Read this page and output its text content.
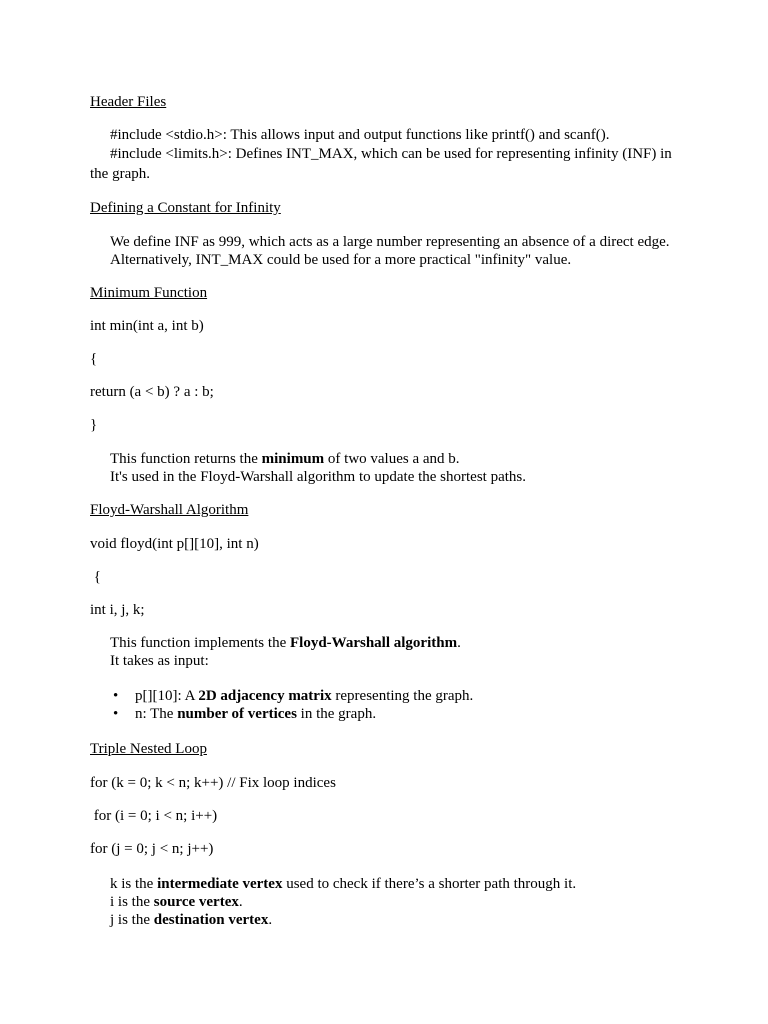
Header Files

#include <stdio.h>: This allows input and output functions like printf() and scanf().

#include <limits.h>: Defines INT_MAX, which can be used for representing infinity (INF) in the graph.

Defining a Constant for Infinity

We define INF as 999, which acts as a large number representing an absence of a direct edge.

Alternatively, INT_MAX could be used for a more practical "infinity" value.

Minimum Function

int min(int a, int b)

{

return (a < b) ? a : b;

}

This function returns the minimum of two values a and b.

It's used in the Floyd-Warshall algorithm to update the shortest paths.

Floyd-Warshall Algorithm

void floyd(int p[][10], int n)

{

int i, j, k;

This function implements the Floyd-Warshall algorithm.

It takes as input:

• p[][10]: A 2D adjacency matrix representing the graph.
• n: The number of vertices in the graph.

Triple Nested Loop

for (k = 0; k < n; k++) // Fix loop indices

for (i = 0; i < n; i++)

for (j = 0; j < n; j++)

k is the intermediate vertex used to check if there’s a shorter path through it.

i is the source vertex.

j is the destination vertex.
